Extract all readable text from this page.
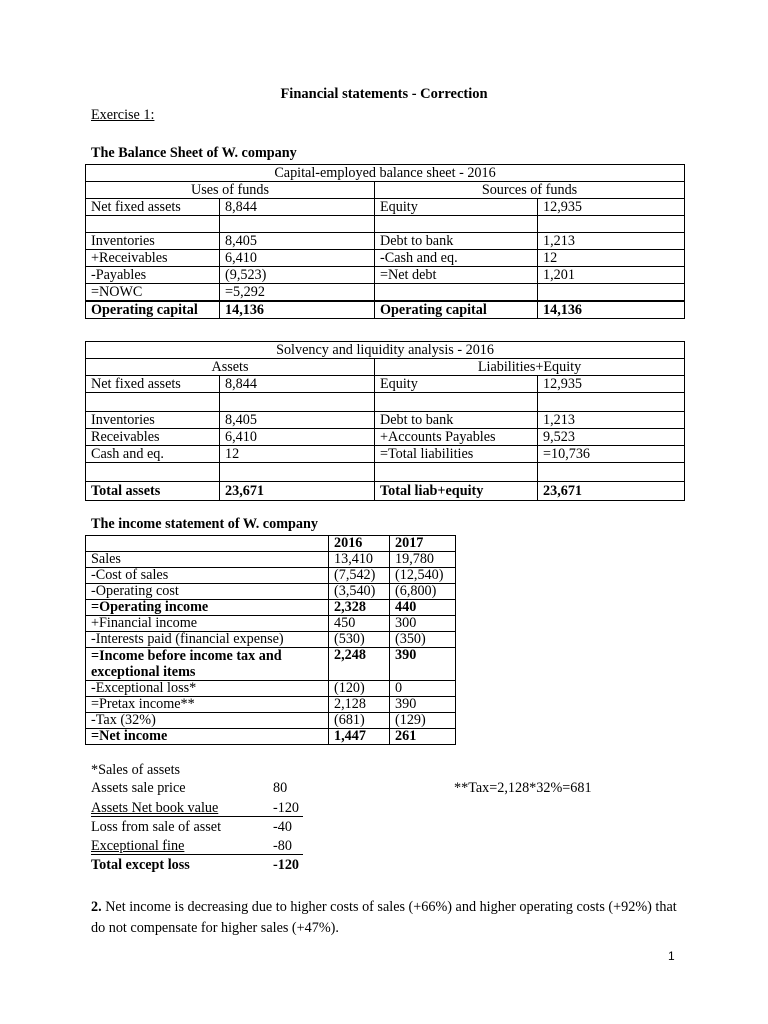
Financial statements - Correction
Exercise 1:
The Balance Sheet of W. company
Capital-employed balance sheet - 2016			
Uses of funds		Sources of funds	
Net fixed assets	8,844	Equity	12,935

Inventories	8,405	Debt to bank	1,213
+Receivables	6,410	-Cash and eq.	12
-Payables	(9,523)	=Net debt	1,201
=NOWC	=5,292		
Operating capital	14,136	Operating capital	14,136
Solvency and liquidity analysis - 2016			
Assets		Liabilities+Equity	
Net fixed assets	8,844	Equity	12,935

Inventories	8,405	Debt to bank	1,213
Receivables	6,410	+Accounts Payables	9,523
Cash and eq.	12	=Total liabilities	=10,736

Total assets	23,671	Total liab+equity	23,671
The income statement of W. company
	2016	2017
Sales	13,410	19,780
-Cost of sales	(7,542)	(12,540)
-Operating cost	(3,540)	(6,800)
=Operating income	2,328	440
+Financial income	450	300
-Interests paid (financial expense)	(530)	(350)
=Income before income tax and exceptional items	2,248	390
-Exceptional loss*	(120)	0
=Pretax income**	2,128	390
-Tax (32%)	(681)	(129)
=Net income	1,447	261
*Sales of assets
Assets sale price	80
Assets Net book value	-120
Loss from sale of asset	-40
Exceptional fine	-80
Total except loss	-120
**Tax=2,128*32%=681
2. Net income is decreasing due to higher costs of sales (+66%) and higher operating costs (+92%) that do not compensate for higher sales (+47%).
1
